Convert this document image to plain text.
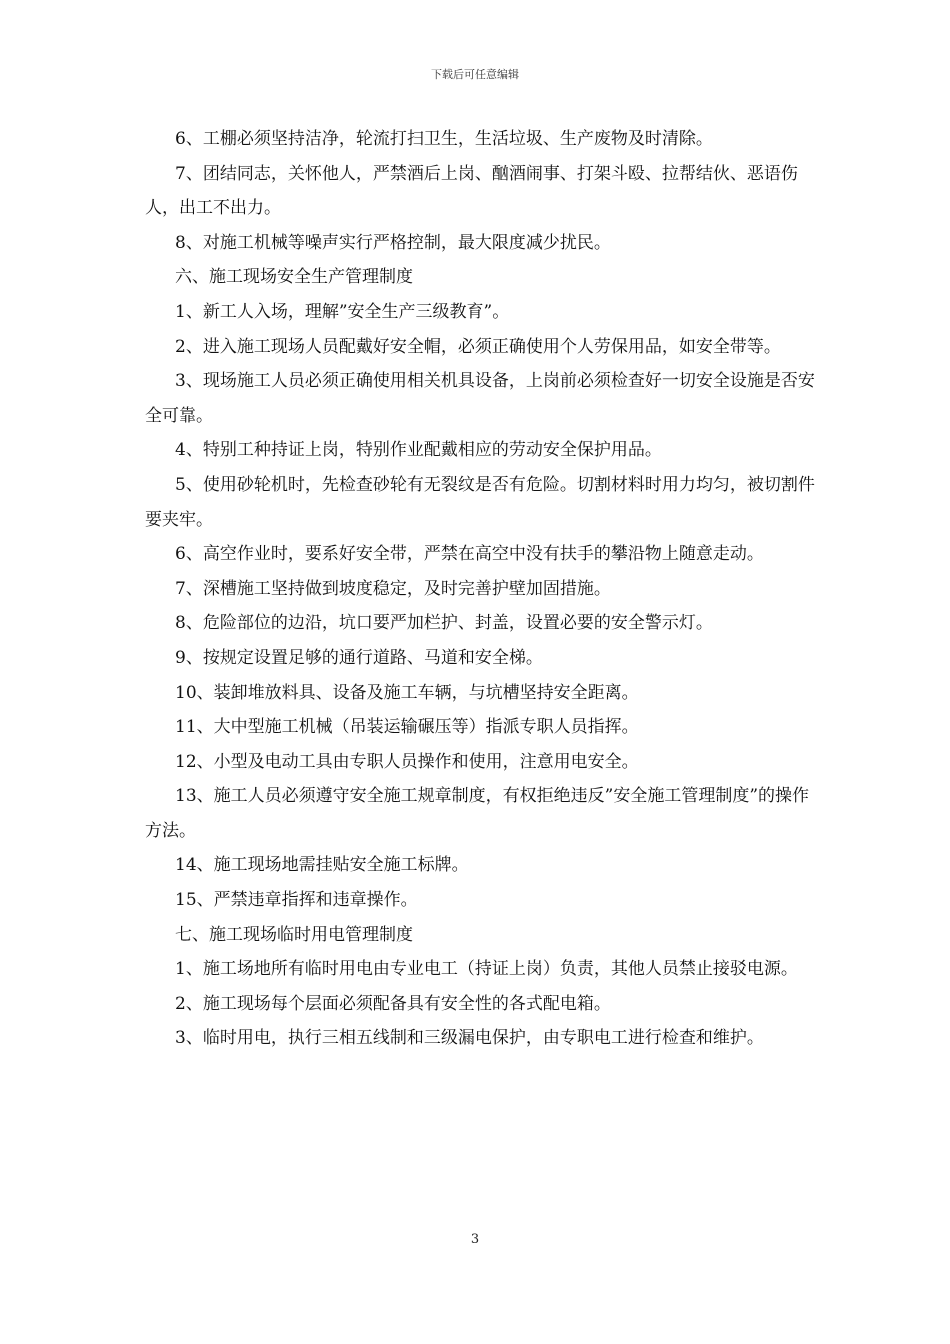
下载后可任意编辑

6、工棚必须坚持洁净，轮流打扫卫生，生活垃圾、生产废物及时清除。

7、团结同志，关怀他人，严禁酒后上岗、酗酒闹事、打架斗殴、拉帮结伙、恶语伤人，出工不出力。

8、对施工机械等噪声实行严格控制，最大限度减少扰民。

六、施工现场安全生产管理制度

1、新工人入场，理解”安全生产三级教育”。

2、进入施工现场人员配戴好安全帽，必须正确使用个人劳保用品，如安全带等。

3、现场施工人员必须正确使用相关机具设备，上岗前必须检查好一切安全设施是否安全可靠。

4、特别工种持证上岗，特别作业配戴相应的劳动安全保护用品。

5、使用砂轮机时，先检查砂轮有无裂纹是否有危险。切割材料时用力均匀，被切割件要夹牢。

6、高空作业时，要系好安全带，严禁在高空中没有扶手的攀沿物上随意走动。

7、深槽施工坚持做到坡度稳定，及时完善护壁加固措施。

8、危险部位的边沿，坑口要严加栏护、封盖，设置必要的安全警示灯。

9、按规定设置足够的通行道路、马道和安全梯。

10、装卸堆放料具、设备及施工车辆，与坑槽坚持安全距离。

11、大中型施工机械（吊装运输碾压等）指派专职人员指挥。

12、小型及电动工具由专职人员操作和使用，注意用电安全。

13、施工人员必须遵守安全施工规章制度，有权拒绝违反”安全施工管理制度”的操作方法。

14、施工现场地需挂贴安全施工标牌。

15、严禁违章指挥和违章操作。

七、施工现场临时用电管理制度

1、施工场地所有临时用电由专业电工（持证上岗）负责，其他人员禁止接驳电源。

2、施工现场每个层面必须配备具有安全性的各式配电箱。

3、临时用电，执行三相五线制和三级漏电保护，由专职电工进行检查和维护。

3
